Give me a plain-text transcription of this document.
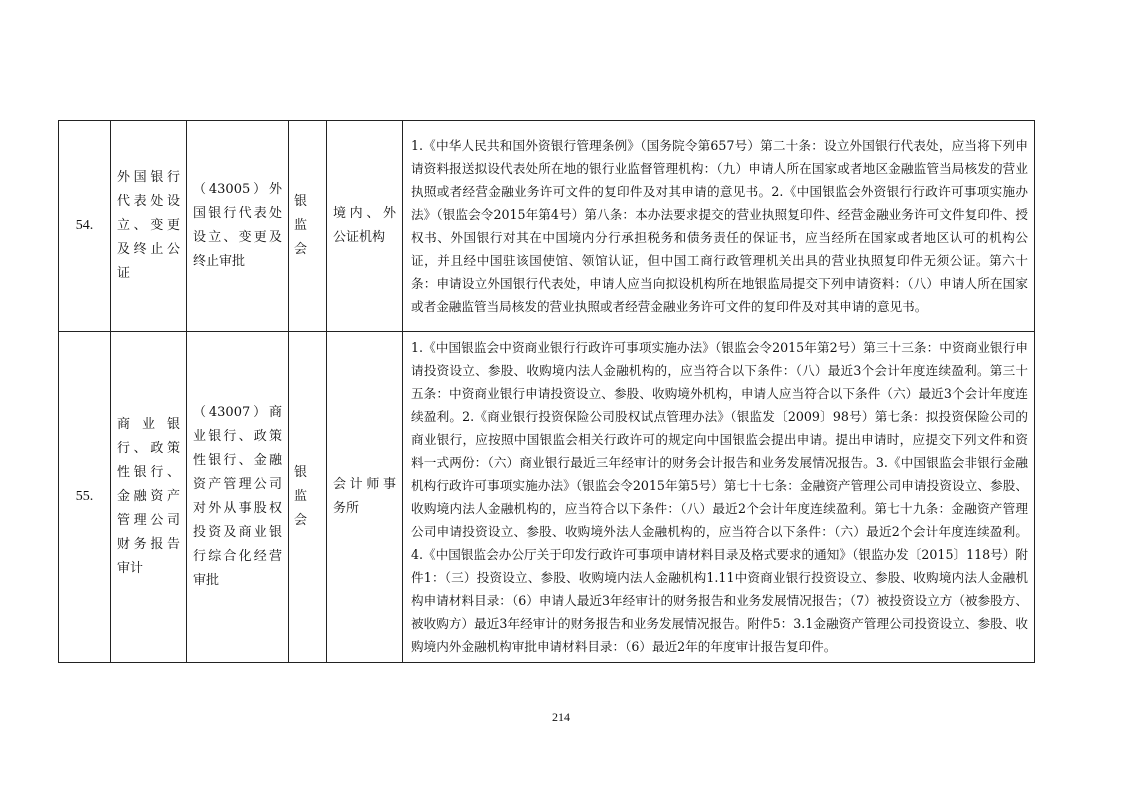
54.	外国银行代表处设立、变更及终止公证	（43005）外国银行代表处设立、变更及终止审批	银监会	境内、外公证机构	1.《中华人民共和国外资银行管理条例》（国务院令第657号）第二十条：设立外国银行代表处，应当将下列申请资料报送拟设代表处所在地的银行业监督管理机构：（九）申请人所在国家或者地区金融监管当局核发的营业执照或者经营金融业务许可文件的复印件及对其申请的意见书。2.《中国银监会外资银行行政许可事项实施办法》（银监会令2015年第4号）第八条：本办法要求提交的营业执照复印件、经营金融业务许可文件复印件、授权书、外国银行对其在中国境内分行承担税务和债务责任的保证书，应当经所在国家或者地区认可的机构公证，并且经中国驻该国使馆、领馆认证，但中国工商行政管理机关出具的营业执照复印件无须公证。第六十条：申请设立外国银行代表处，申请人应当向拟设机构所在地银监局提交下列申请资料：（八）申请人所在国家或者金融监管当局核发的营业执照或者经营金融业务许可文件的复印件及对其申请的意见书。
55.	商业银行、政策性银行、金融资产管理公司财务报告审计	（43007）商业银行、政策性银行、金融资产管理公司对外从事股权投资及商业银行综合化经营审批	银监会	会计师事务所	1.《中国银监会中资商业银行行政许可事项实施办法》（银监会令2015年第2号）第三十三条：中资商业银行申请投资设立、参股、收购境内法人金融机构的，应当符合以下条件：（八）最近3个会计年度连续盈利。第三十五条：中资商业银行申请投资设立、参股、收购境外机构，申请人应当符合以下条件（六）最近3个会计年度连续盈利。2.《商业银行投资保险公司股权试点管理办法》（银监发〔2009〕98号）第七条：拟投资保险公司的商业银行，应按照中国银监会相关行政许可的规定向中国银监会提出申请。提出申请时，应提交下列文件和资料一式两份：（六）商业银行最近三年经审计的财务会计报告和业务发展情况报告。3.《中国银监会非银行金融机构行政许可事项实施办法》（银监会令2015年第5号）第七十七条：金融资产管理公司申请投资设立、参股、收购境内法人金融机构的，应当符合以下条件：（八）最近2个会计年度连续盈利。第七十九条：金融资产管理公司申请投资设立、参股、收购境外法人金融机构的，应当符合以下条件：（六）最近2个会计年度连续盈利。4.《中国银监会办公厅关于印发行政许可事项申请材料目录及格式要求的通知》（银监办发〔2015〕118号）附件1：（三）投资设立、参股、收购境内法人金融机构1.11中资商业银行投资设立、参股、收购境内法人金融机构申请材料目录：（6）申请人最近3年经审计的财务报告和业务发展情况报告；（7）被投资设立方（被参股方、被收购方）最近3年经审计的财务报告和业务发展情况报告。附件5：3.1金融资产管理公司投资设立、参股、收购境内外金融机构审批申请材料目录：（6）最近2年的年度审计报告复印件。
214
